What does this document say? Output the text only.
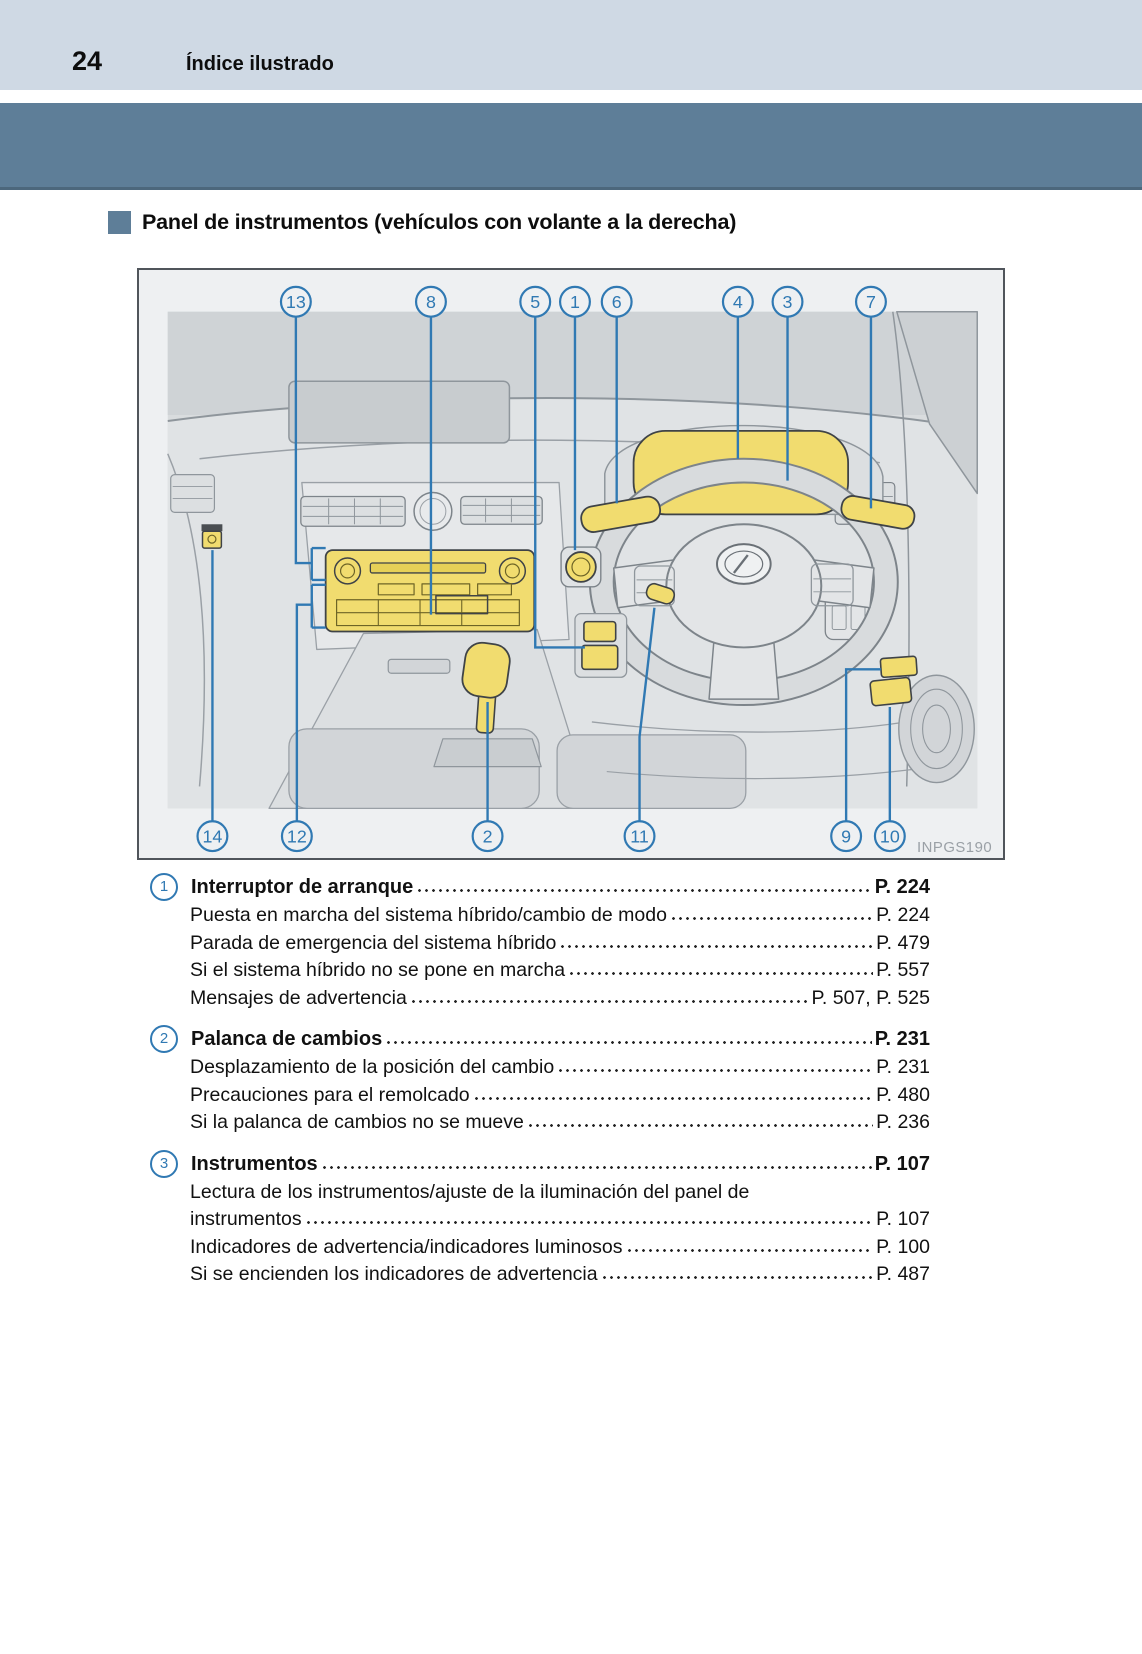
24	Índice ilustrado
Panel de instrumentos (vehículos con volante a la derecha)
13	8	5 1 6	4 3	7
14	12	2	11	9 10
INPGS190
1 Interruptor de arranque	P. 224
Puesta en marcha del sistema híbrido/cambio de modo	P. 224
Parada de emergencia del sistema híbrido	P. 479
Si el sistema híbrido no se pone en marcha	P. 557
Mensajes de advertencia	P. 507, P. 525
2 Palanca de cambios	P. 231
Desplazamiento de la posición del cambio	P. 231
Precauciones para el remolcado	P. 480
Si la palanca de cambios no se mueve	P. 236
3 Instrumentos	P. 107
Lectura de los instrumentos/ajuste de la iluminación del panel de
instrumentos	P. 107
Indicadores de advertencia/indicadores luminosos	P. 100
Si se encienden los indicadores de advertencia	P. 487
